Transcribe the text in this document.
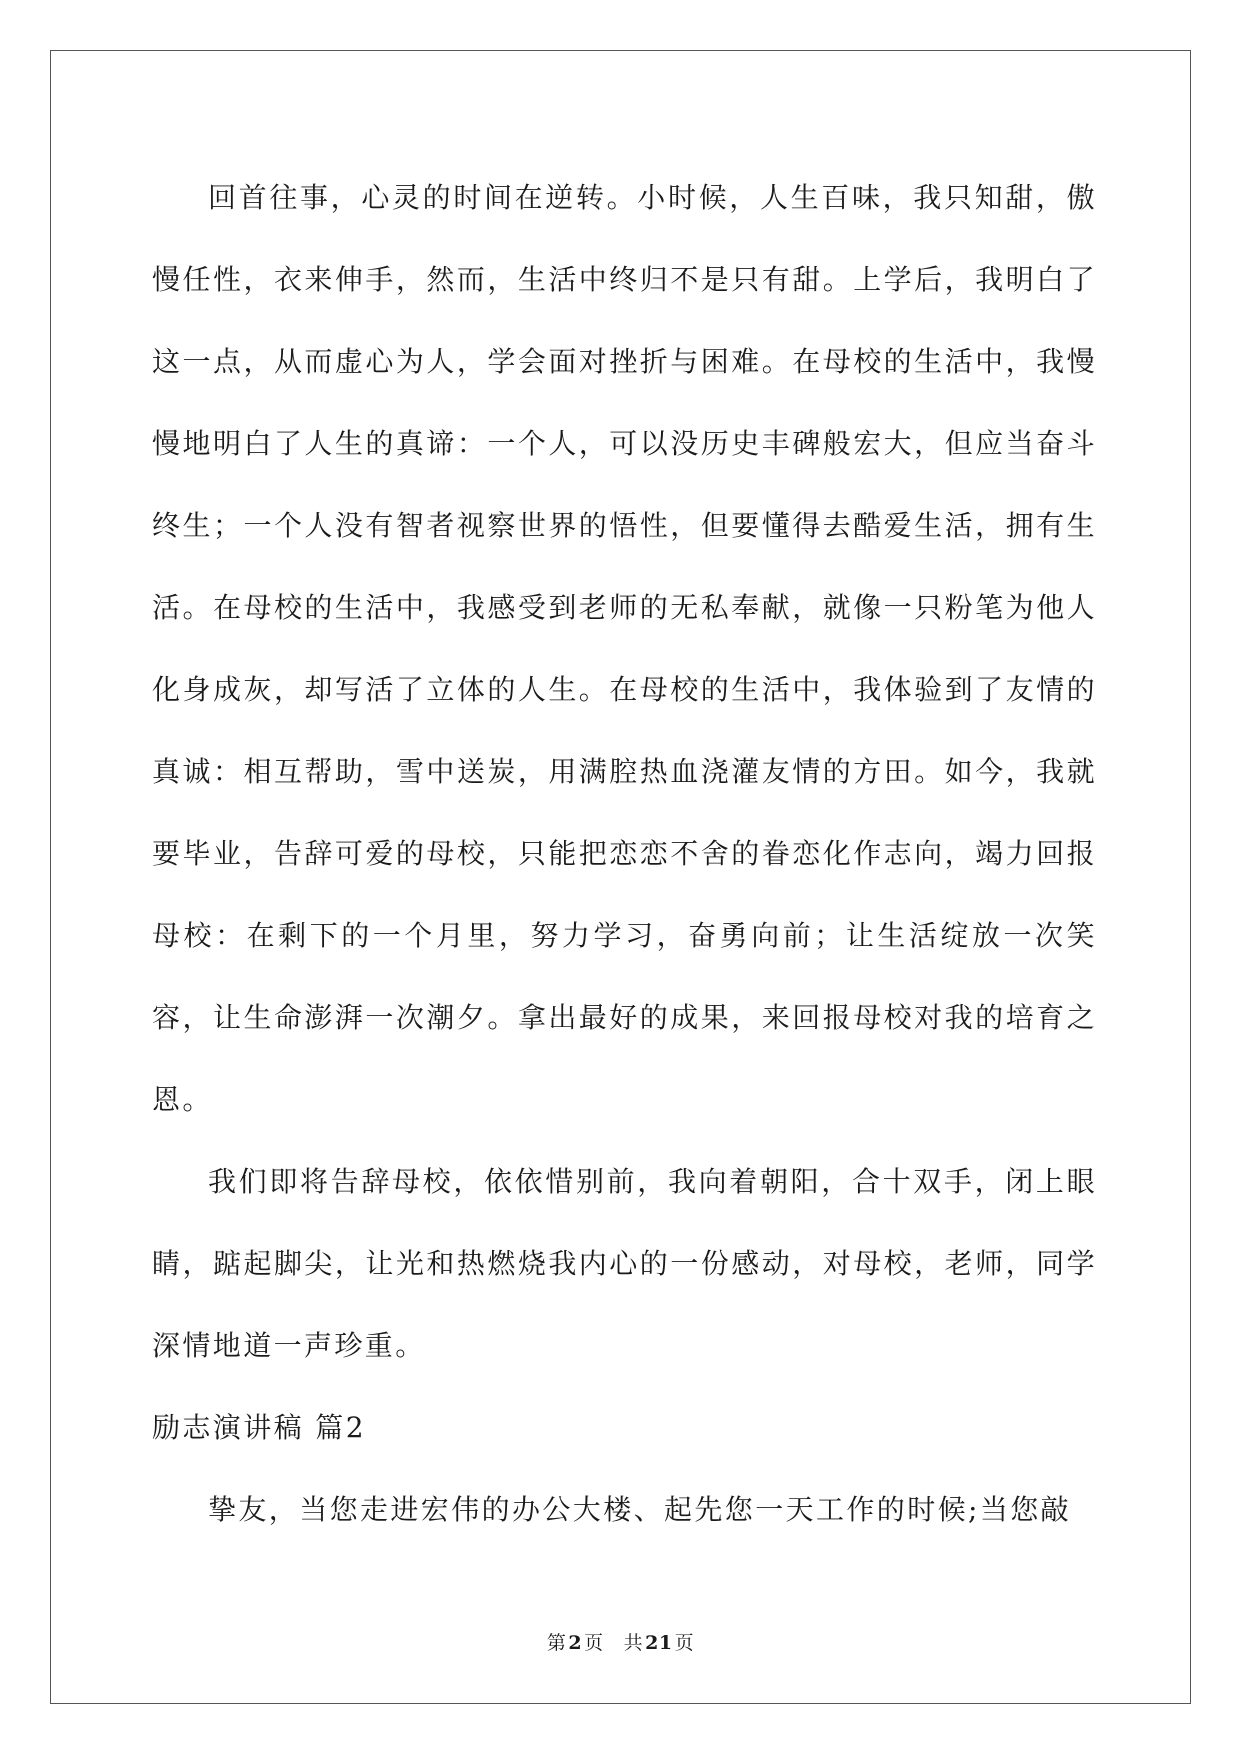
回首往事，心灵的时间在逆转。小时候，人生百味，我只知甜，傲慢任性，衣来伸手，然而，生活中终归不是只有甜。上学后，我明白了这一点，从而虚心为人，学会面对挫折与困难。在母校的生活中，我慢慢地明白了人生的真谛：一个人，可以没历史丰碑般宏大，但应当奋斗终生；一个人没有智者视察世界的悟性，但要懂得去酷爱生活，拥有生活。在母校的生活中，我感受到老师的无私奉献，就像一只粉笔为他人化身成灰，却写活了立体的人生。在母校的生活中，我体验到了友情的真诚：相互帮助，雪中送炭，用满腔热血浇灌友情的方田。如今，我就要毕业，告辞可爱的母校，只能把恋恋不舍的眷恋化作志向，竭力回报母校：在剩下的一个月里，努力学习，奋勇向前；让生活绽放一次笑容，让生命澎湃一次潮夕。拿出最好的成果，来回报母校对我的培育之恩。

我们即将告辞母校，依依惜别前，我向着朝阳，合十双手，闭上眼睛，踮起脚尖，让光和热燃烧我内心的一份感动，对母校，老师，同学深情地道一声珍重。

励志演讲稿 篇2

挚友，当您走进宏伟的办公大楼、起先您一天工作的时候;当您敲

第 2 页 共 21 页
